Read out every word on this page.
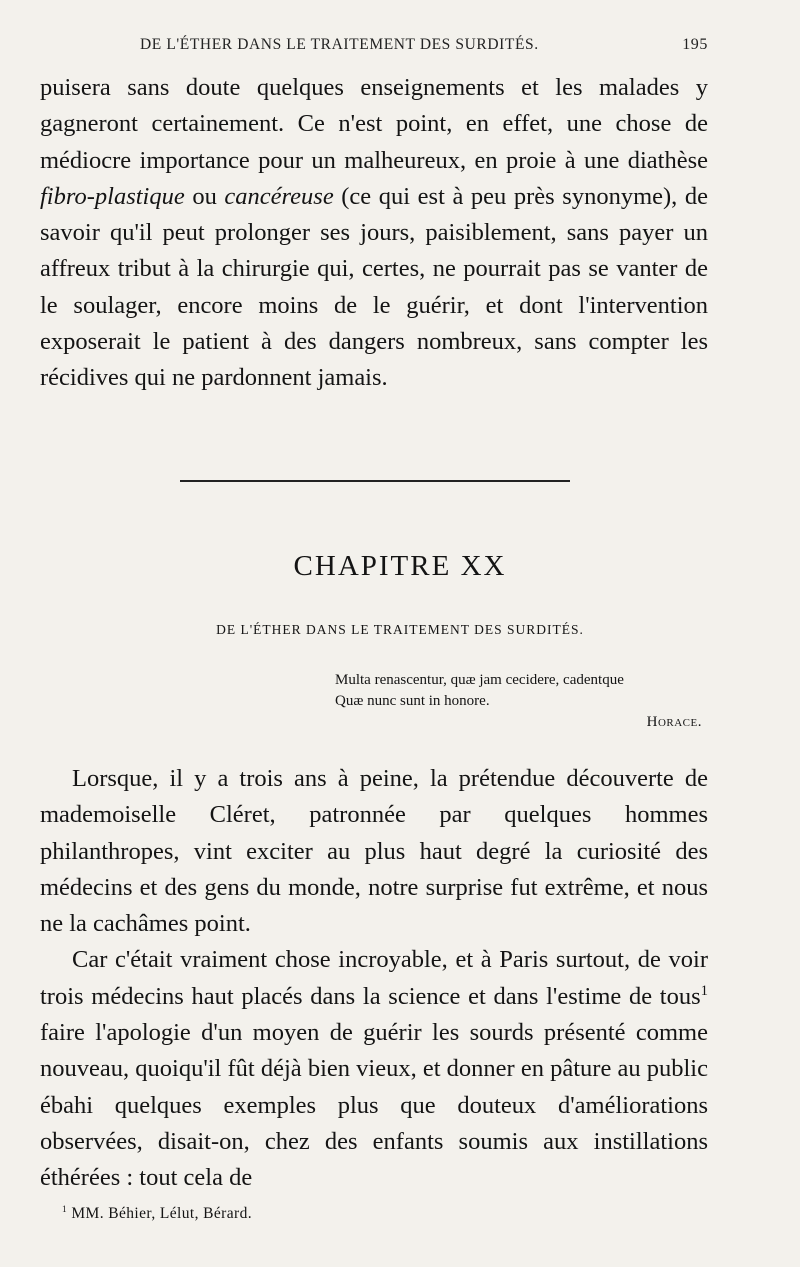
DE L'ÉTHER DANS LE TRAITEMENT DES SURDITÉS.	195

puisera sans doute quelques enseignements et les malades y gagneront certainement. Ce n'est point, en effet, une chose de médiocre importance pour un malheureux, en proie à une diathèse fibro-plastique ou cancéreuse (ce qui est à peu près synonyme), de savoir qu'il peut prolonger ses jours, paisiblement, sans payer un affreux tribut à la chirurgie qui, certes, ne pourrait pas se vanter de le soulager, encore moins de le guérir, et dont l'intervention exposerait le patient à des dangers nombreux, sans compter les récidives qui ne pardonnent jamais.

CHAPITRE XX
DE L'ÉTHER DANS LE TRAITEMENT DES SURDITÉS.
Multa renascentur, quæ jam cecidere, cadentque
Quæ nunc sunt in honore.
Horace.

Lorsque, il y a trois ans à peine, la prétendue découverte de mademoiselle Cléret, patronnée par quelques hommes philanthropes, vint exciter au plus haut degré la curiosité des médecins et des gens du monde, notre surprise fut extrême, et nous ne la cachâmes point.

Car c'était vraiment chose incroyable, et à Paris surtout, de voir trois médecins haut placés dans la science et dans l'estime de tous$^1$ faire l'apologie d'un moyen de guérir les sourds présenté comme nouveau, quoiqu'il fût déjà bien vieux, et donner en pâture au public ébahi quelques exemples plus que douteux d'améliorations observées, disait-on, chez des enfants soumis aux instillations éthérées : tout cela de

$^1$ MM. Béhier, Lélut, Bérard.
